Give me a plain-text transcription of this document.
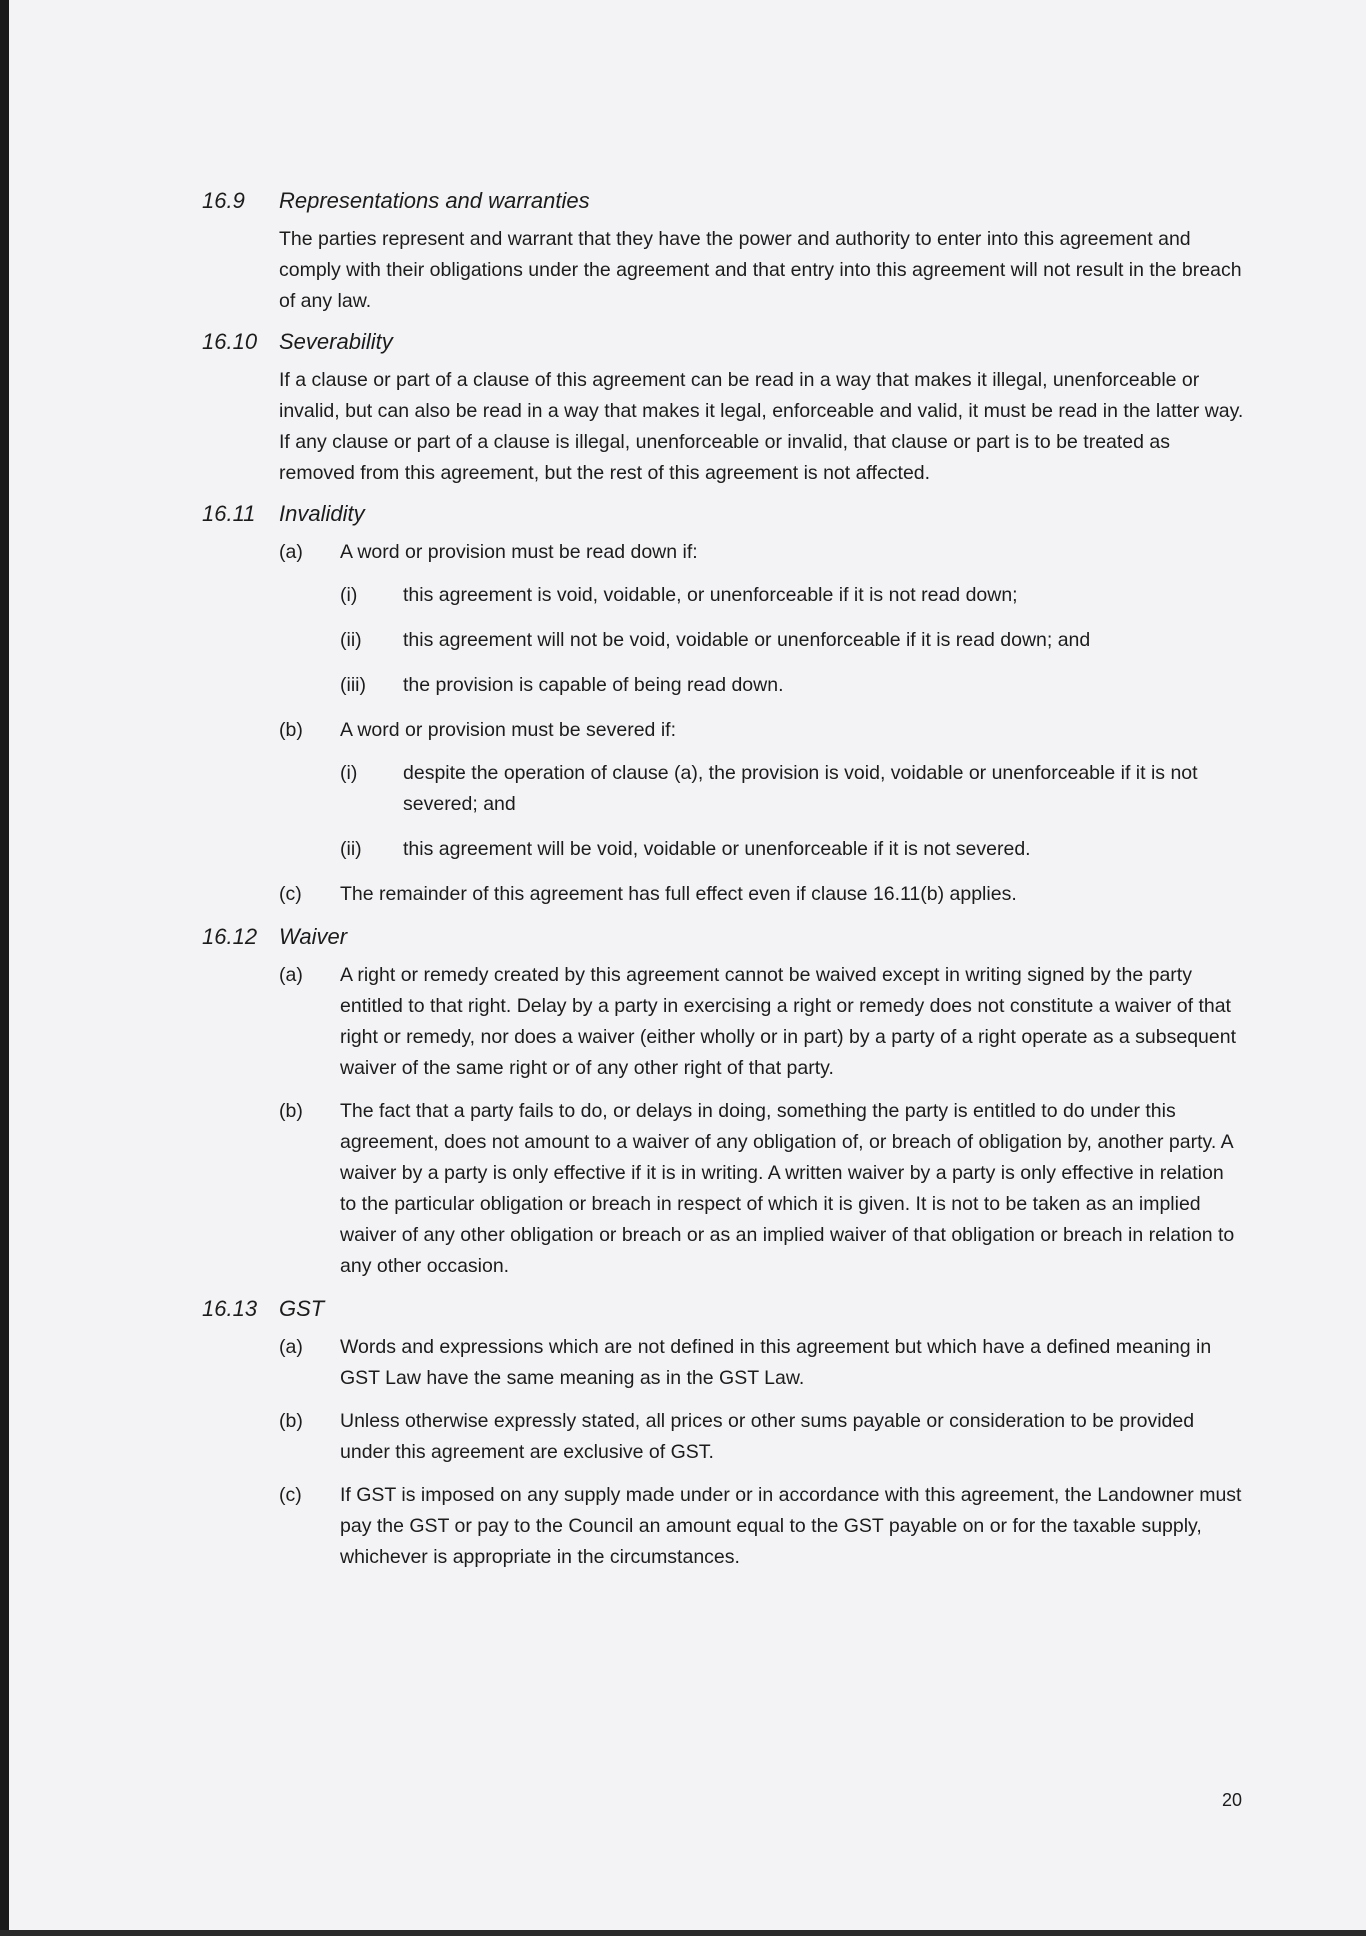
16.9 Representations and warranties

The parties represent and warrant that they have the power and authority to enter into this agreement and comply with their obligations under the agreement and that entry into this agreement will not result in the breach of any law.

16.10 Severability

If a clause or part of a clause of this agreement can be read in a way that makes it illegal, unenforceable or invalid, but can also be read in a way that makes it legal, enforceable and valid, it must be read in the latter way. If any clause or part of a clause is illegal, unenforceable or invalid, that clause or part is to be treated as removed from this agreement, but the rest of this agreement is not affected.

16.11 Invalidity
(a) A word or provision must be read down if:
(i) this agreement is void, voidable, or unenforceable if it is not read down;
(ii) this agreement will not be void, voidable or unenforceable if it is read down; and
(iii) the provision is capable of being read down.
(b) A word or provision must be severed if:
(i) despite the operation of clause (a), the provision is void, voidable or unenforceable if it is not severed; and
(ii) this agreement will be void, voidable or unenforceable if it is not severed.
(c) The remainder of this agreement has full effect even if clause 16.11(b) applies.
16.12 Waiver
(a) A right or remedy created by this agreement cannot be waived except in writing signed by the party entitled to that right. Delay by a party in exercising a right or remedy does not constitute a waiver of that right or remedy, nor does a waiver (either wholly or in part) by a party of a right operate as a subsequent waiver of the same right or of any other right of that party.
(b) The fact that a party fails to do, or delays in doing, something the party is entitled to do under this agreement, does not amount to a waiver of any obligation of, or breach of obligation by, another party. A waiver by a party is only effective if it is in writing. A written waiver by a party is only effective in relation to the particular obligation or breach in respect of which it is given. It is not to be taken as an implied waiver of any other obligation or breach or as an implied waiver of that obligation or breach in relation to any other occasion.
16.13 GST
(a) Words and expressions which are not defined in this agreement but which have a defined meaning in GST Law have the same meaning as in the GST Law.
(b) Unless otherwise expressly stated, all prices or other sums payable or consideration to be provided under this agreement are exclusive of GST.
(c) If GST is imposed on any supply made under or in accordance with this agreement, the Landowner must pay the GST or pay to the Council an amount equal to the GST payable on or for the taxable supply, whichever is appropriate in the circumstances.
20
